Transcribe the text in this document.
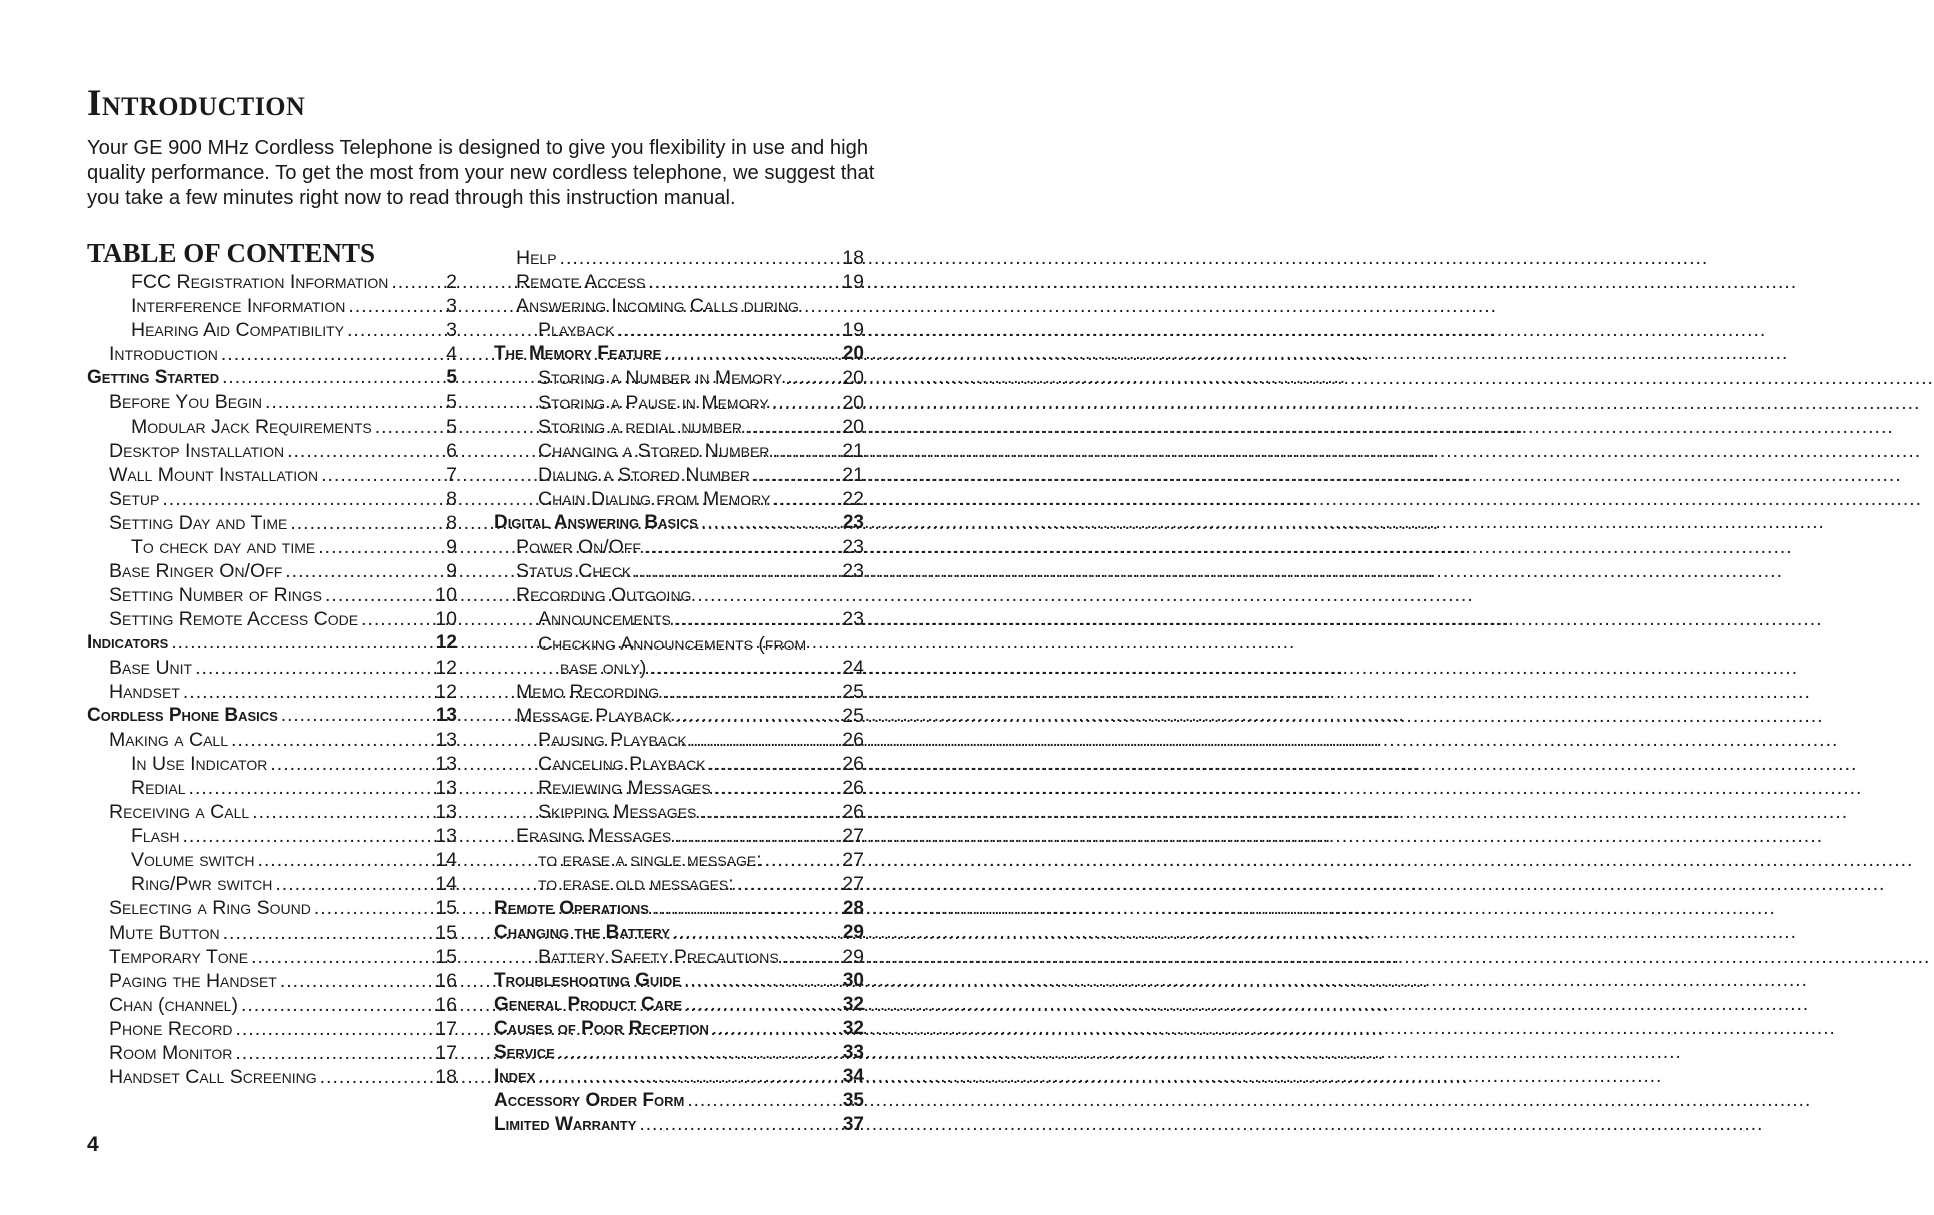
Introduction

Your GE 900 MHz Cordless Telephone is designed to give you flexibility in use and high quality performance. To get the most from your new cordless telephone, we suggest that you take a few minutes right now to read through this instruction manual.

TABLE OF CONTENTS
FCC Registration Information .....	2
Interference Information .....	3
Hearing Aid Compatibility .....	3
Introduction .....	4
Getting Started .....	5
Before You Begin .....	5
Modular Jack Requirements .....	5
Desktop Installation .....	6
Wall Mount Installation .....	7
Setup .....	8
Setting Day and Time .....	8
To check day and time .....	9
Base Ringer On/Off .....	9
Setting Number of Rings .....	10
Setting Remote Access Code .....	10
Indicators .....	12
Base Unit .....	12
Handset .....	12
Cordless Phone Basics .....	13
Making a Call .....	13
In Use Indicator .....	13
Redial .....	13
Receiving a Call .....	13
Flash .....	13
Volume switch .....	14
Ring/Pwr switch .....	14
Selecting a Ring Sound .....	15
Mute Button .....	15
Temporary Tone .....	15
Paging the Handset .....	16
Chan (channel) .....	16
Phone Record .....	17
Room Monitor .....	17
Handset Call Screening .....	18
Help .....	18
Remote Access .....	19
Answering Incoming Calls during
Playback .....	19
The Memory Feature .....	20
Storing a Number in Memory .....	20
Storing a Pause in Memory .....	20
Storing a redial number .....	20
Changing a Stored Number .....	21
Dialing a Stored Number .....	21
Chain Dialing from Memory .....	22
Digital Answering Basics .....	23
Power On/Off .....	23
Status Check .....	23
Recording Outgoing
Announcements .....	23
Checking Announcements (from
base only) .....	24
Memo Recording .....	25
Message Playback .....	25
Pausing Playback .....	26
Canceling Playback .....	26
Reviewing Messages .....	26
Skipping Messages .....	26
Erasing Messages .....	27
to erase a single message: .....	27
to erase old messages: .....	27
Remote Operations .....	28
Changing the Battery .....	29
Battery Safety Precautions .....	29
Troubleshooting Guide .....	30
General Product Care .....	32
Causes of Poor Reception .....	32
Service .....	33
Index .....	34
Accessory Order Form .....	35
Limited Warranty .....	37
4
